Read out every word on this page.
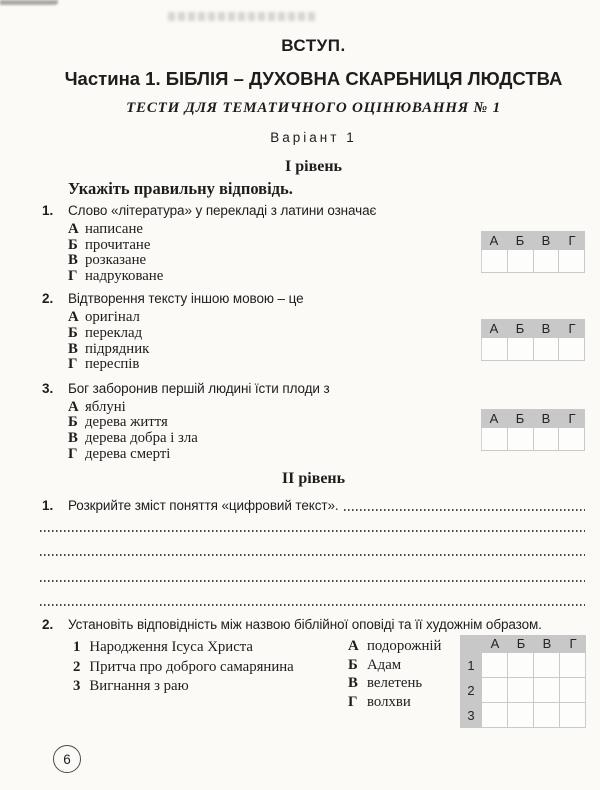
ВСТУП.
Частина 1. БІБЛІЯ – ДУХОВНА СКАРБНИЦЯ ЛЮДСТВА
ТЕСТИ ДЛЯ ТЕМАТИЧНОГО ОЦІНЮВАННЯ № 1
Варіант 1
І рівень
Укажіть правильну відповідь.
1.	Слово «література» у перекладі з латини означає
А написане
Б прочитане
В розказане
Г надруковане
А	Б	В	Г
2.	Відтворення тексту іншою мовою – це
А оригінал
Б переклад
В підрядник
Г переспів
А	Б	В	Г
3.	Бог заборонив першій людині їсти плоди з
А яблуні
Б дерева життя
В дерева добра і зла
Г дерева смерті
А	Б	В	Г
ІІ рівень
1.	Розкрийте зміст поняття «цифровий текст».
2.	Установіть відповідність між назвою біблійної оповіді та її художнім образом.
1 Народження Ісуса Христа
2 Притча про доброго самарянина
3 Вигнання з раю
А подорожній
Б Адам
В велетень
Г волхви
А	Б	В	Г
1
2
3
6
